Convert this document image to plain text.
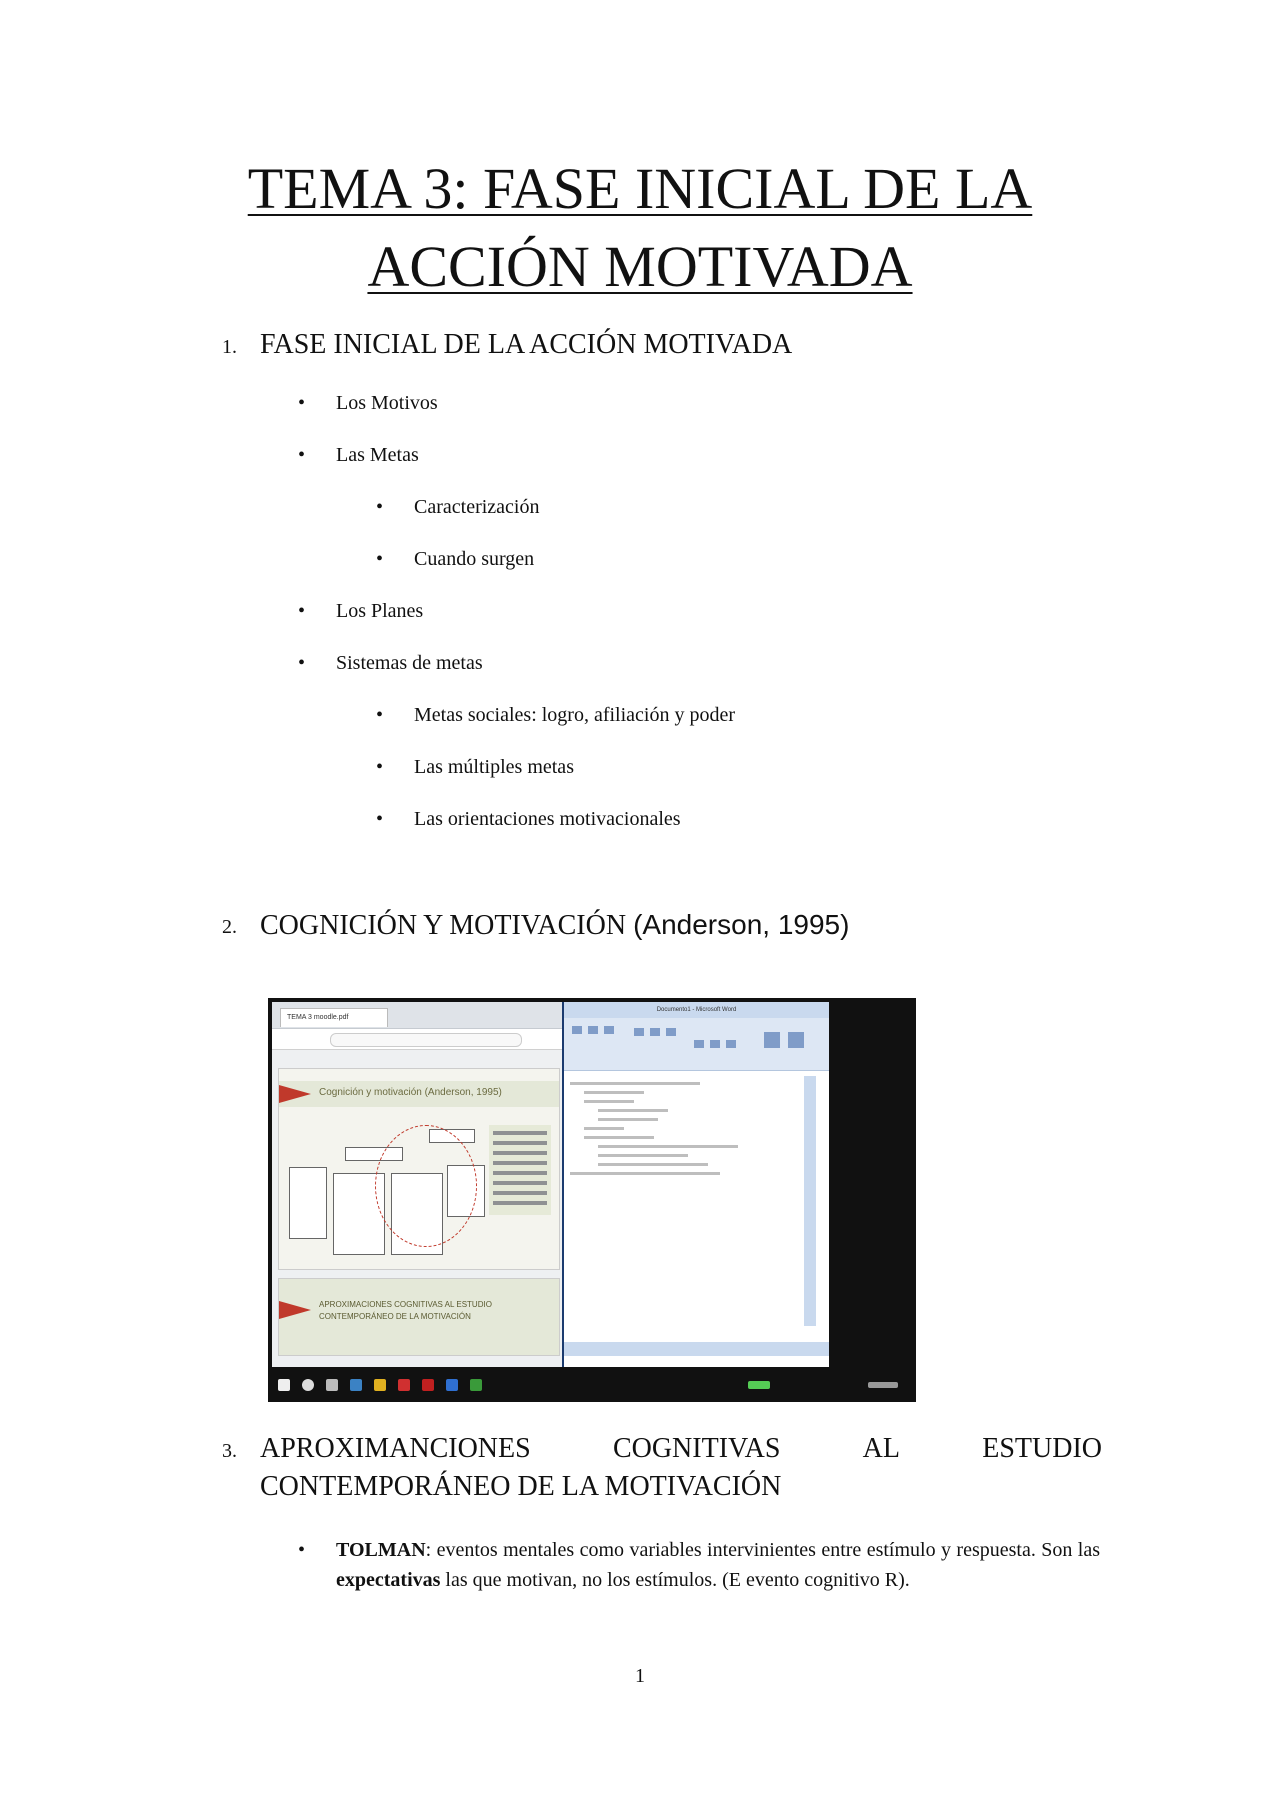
TEMA 3: FASE INICIAL DE LA
ACCIÓN MOTIVADA
1. FASE INICIAL DE LA ACCIÓN MOTIVADA
• Los Motivos
• Las Metas
• Caracterización
• Cuando surgen
• Los Planes
• Sistemas de metas
• Metas sociales: logro, afiliación y poder
• Las múltiples metas
• Las orientaciones motivacionales
2. COGNICIÓN Y MOTIVACIÓN (Anderson, 1995)
TEMA 3 moodle.pdf
Cognición y motivación (Anderson, 1995)
APROXIMACIONES COGNITIVAS AL ESTUDIO CONTEMPORÁNEO DE LA MOTIVACIÓN
Documento1 - Microsoft Word
3. APROXIMANCIONES	COGNITIVAS	AL	ESTUDIO
CONTEMPORÁNEO DE LA MOTIVACIÓN
• TOLMAN: eventos mentales como variables intervinientes entre estímulo y respuesta. Son las expectativas las que motivan, no los estímulos. (E evento cognitivo R).
1
